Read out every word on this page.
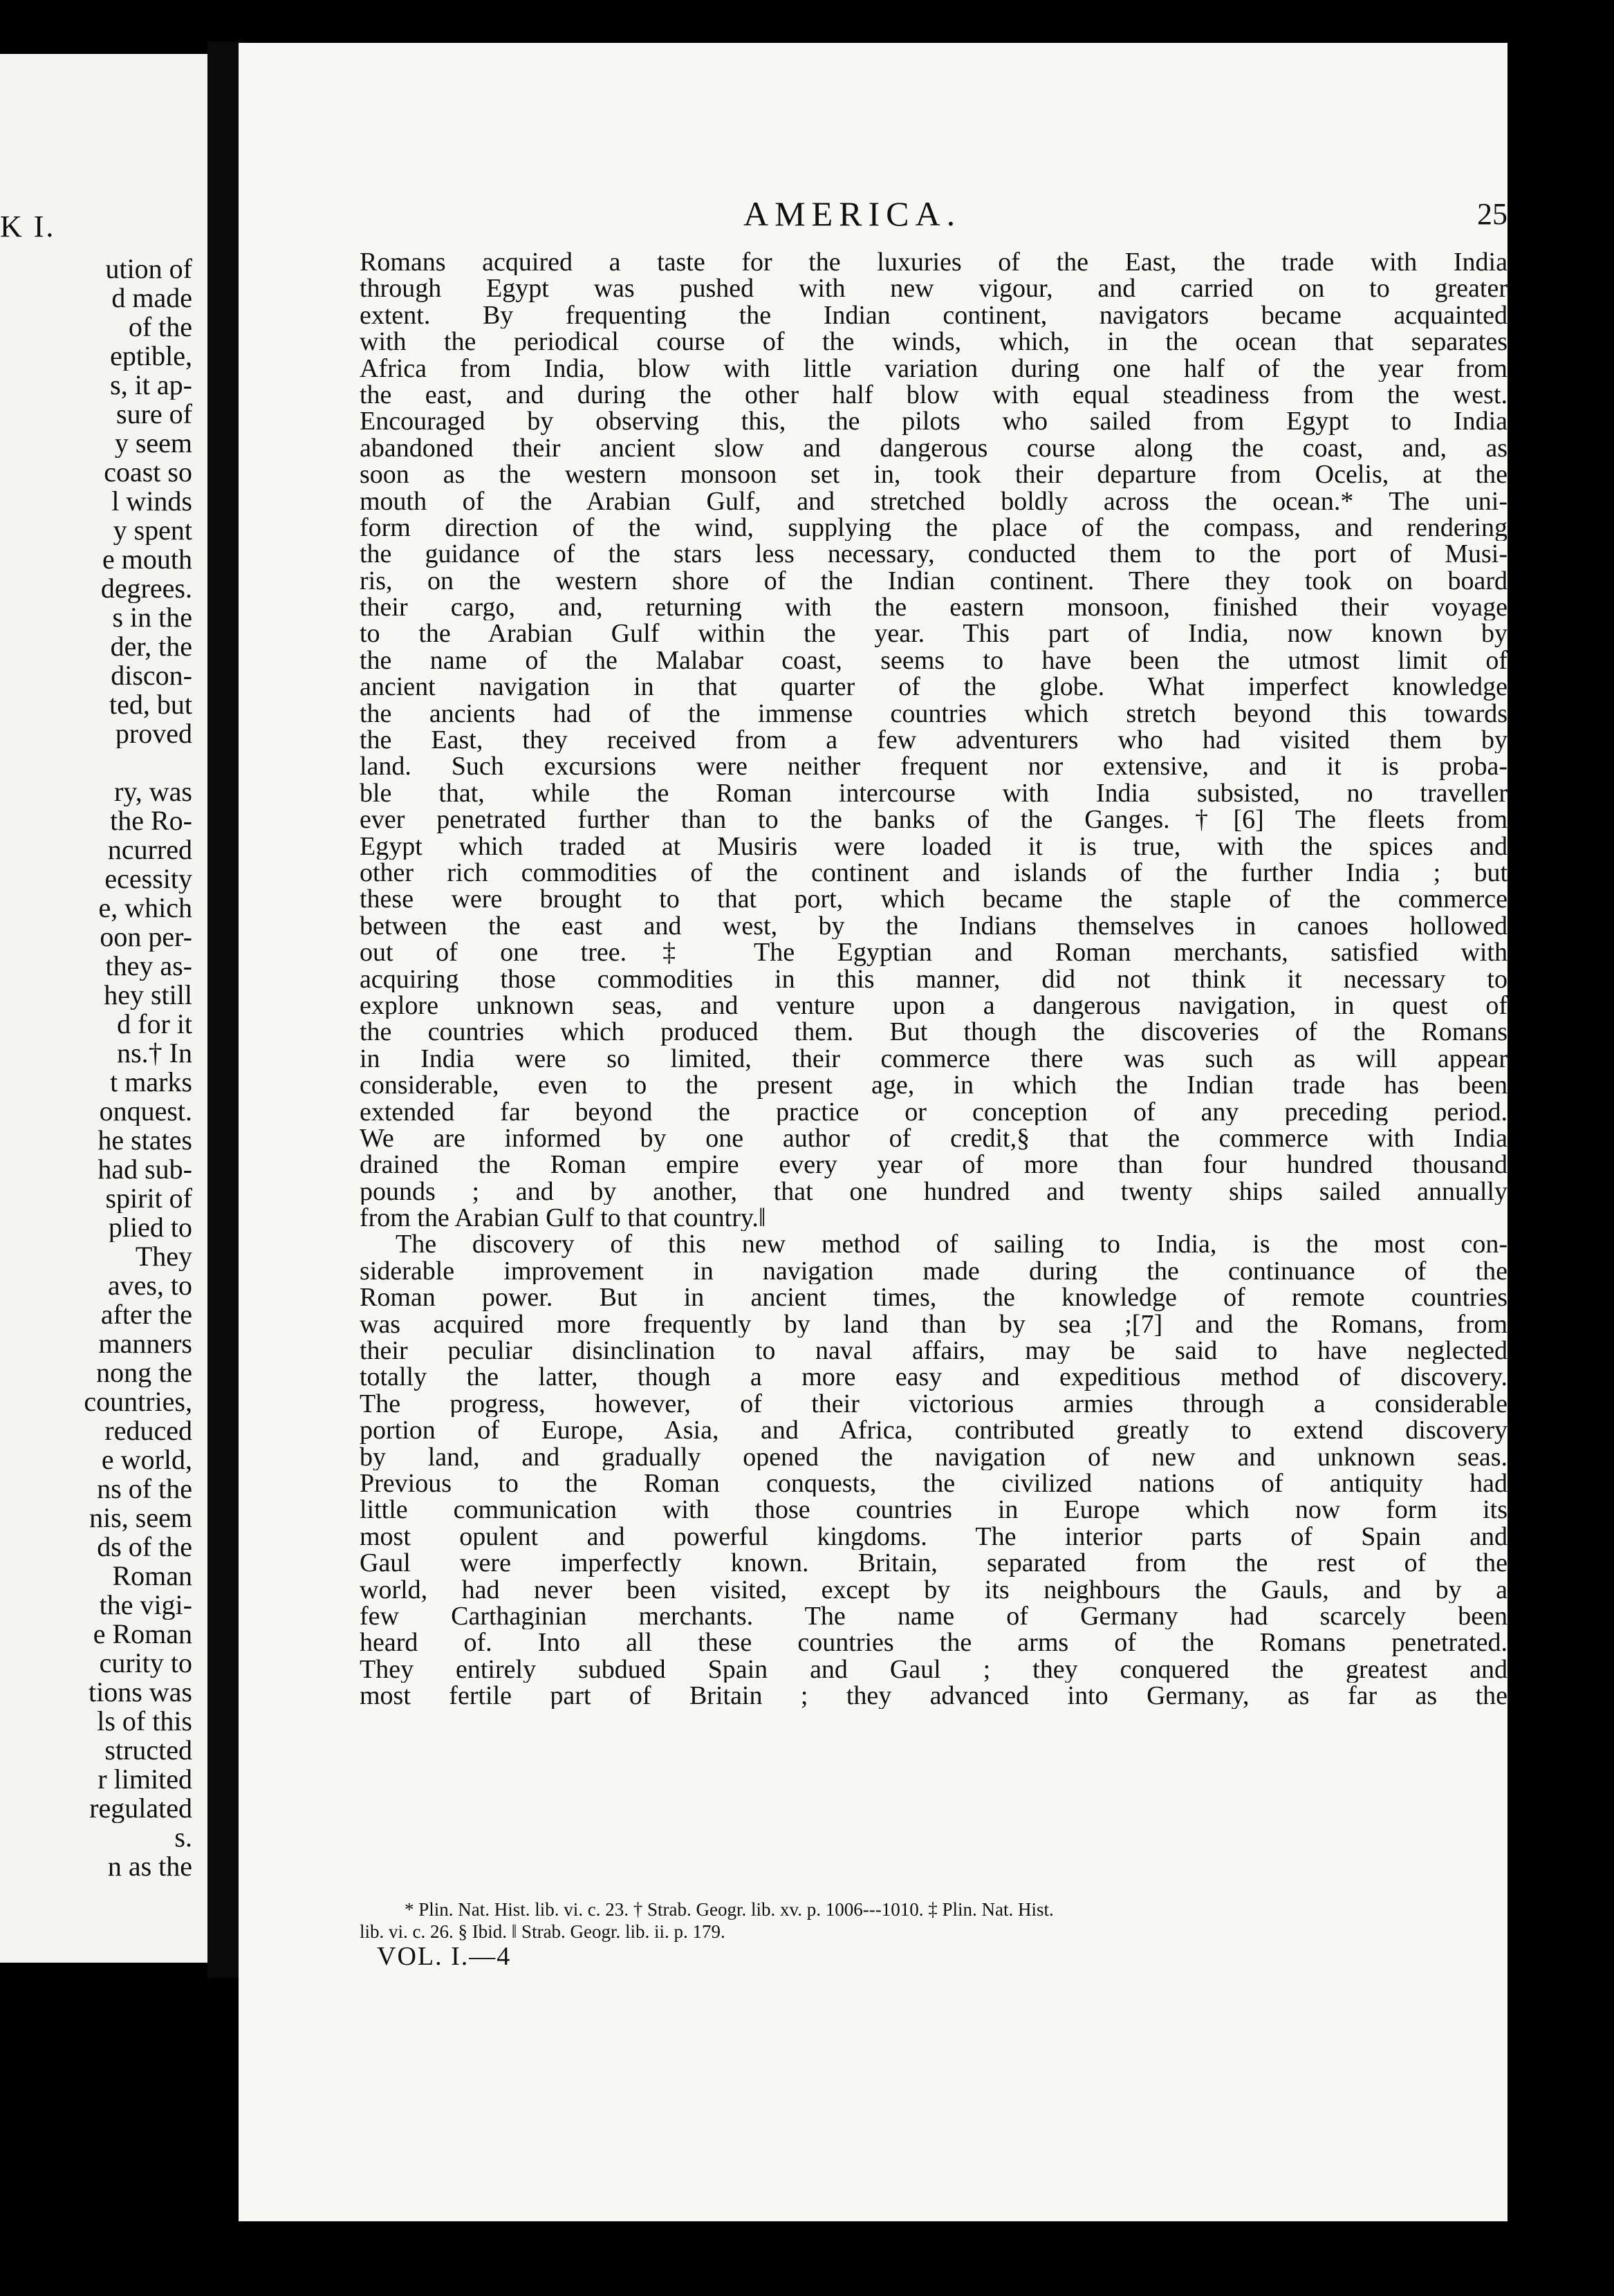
K I.
ution of
d made
of the
eptible,
s, it ap-
sure of
y seem
coast so
l winds
y spent
e mouth
degrees.
s in the
der, the
discon-
ted, but
proved
ry, was
the Ro-
ncurred
ecessity
e, which
oon per-
they as-
hey still
d for it
ns.† In
t marks
onquest.
he states
had sub-
spirit of
plied to
They
aves, to
after the
manners
nong the
countries,
reduced
e world,
ns of the
nis, seem
ds of the
Roman
the vigi-
e Roman
curity to
tions was
ls of this
structed
r limited
regulated
s.
n as the
AMERICA.	25
Romans acquired a taste for the luxuries of the East, the trade with India
through Egypt was pushed with new vigour, and carried on to greater
extent. By frequenting the Indian continent, navigators became acquainted
with the periodical course of the winds, which, in the ocean that separates
Africa from India, blow with little variation during one half of the year from
the east, and during the other half blow with equal steadiness from the west.
Encouraged by observing this, the pilots who sailed from Egypt to India
abandoned their ancient slow and dangerous course along the coast, and, as
soon as the western monsoon set in, took their departure from Ocelis, at the
mouth of the Arabian Gulf, and stretched boldly across the ocean.* The uni-
form direction of the wind, supplying the place of the compass, and rendering
the guidance of the stars less necessary, conducted them to the port of Musi-
ris, on the western shore of the Indian continent. There they took on board
their cargo, and, returning with the eastern monsoon, finished their voyage
to the Arabian Gulf within the year. This part of India, now known by
the name of the Malabar coast, seems to have been the utmost limit of
ancient navigation in that quarter of the globe. What imperfect knowledge
the ancients had of the immense countries which stretch beyond this towards
the East, they received from a few adventurers who had visited them by
land. Such excursions were neither frequent nor extensive, and it is proba-
ble that, while the Roman intercourse with India subsisted, no traveller
ever penetrated further than to the banks of the Ganges.†[6] The fleets from
Egypt which traded at Musiris were loaded it is true, with the spices and
other rich commodities of the continent and islands of the further India ; but
these were brought to that port, which became the staple of the commerce
between the east and west, by the Indians themselves in canoes hollowed
out of one tree.‡ The Egyptian and Roman merchants, satisfied with
acquiring those commodities in this manner, did not think it necessary to
explore unknown seas, and venture upon a dangerous navigation, in quest of
the countries which produced them. But though the discoveries of the Romans
in India were so limited, their commerce there was such as will appear
considerable, even to the present age, in which the Indian trade has been
extended far beyond the practice or conception of any preceding period.
We are informed by one author of credit,§ that the commerce with India
drained the Roman empire every year of more than four hundred thousand
pounds ; and by another, that one hundred and twenty ships sailed annually
from the Arabian Gulf to that country.‖
The discovery of this new method of sailing to India, is the most con-
siderable improvement in navigation made during the continuance of the
Roman power. But in ancient times, the knowledge of remote countries
was acquired more frequently by land than by sea ;[7] and the Romans, from
their peculiar disinclination to naval affairs, may be said to have neglected
totally the latter, though a more easy and expeditious method of discovery.
The progress, however, of their victorious armies through a considerable
portion of Europe, Asia, and Africa, contributed greatly to extend discovery
by land, and gradually opened the navigation of new and unknown seas.
Previous to the Roman conquests, the civilized nations of antiquity had
little communication with those countries in Europe which now form its
most opulent and powerful kingdoms. The interior parts of Spain and
Gaul were imperfectly known. Britain, separated from the rest of the
world, had never been visited, except by its neighbours the Gauls, and by a
few Carthaginian merchants. The name of Germany had scarcely been
heard of. Into all these countries the arms of the Romans penetrated.
They entirely subdued Spain and Gaul ; they conquered the greatest and
most fertile part of Britain ; they advanced into Germany, as far as the
* Plin. Nat. Hist. lib. vi. c. 23. † Strab. Geogr. lib. xv. p. 1006---1010. ‡ Plin. Nat. Hist.
lib. vi. c. 26. § Ibid. ‖ Strab. Geogr. lib. ii. p. 179.
VOL. I.—4
